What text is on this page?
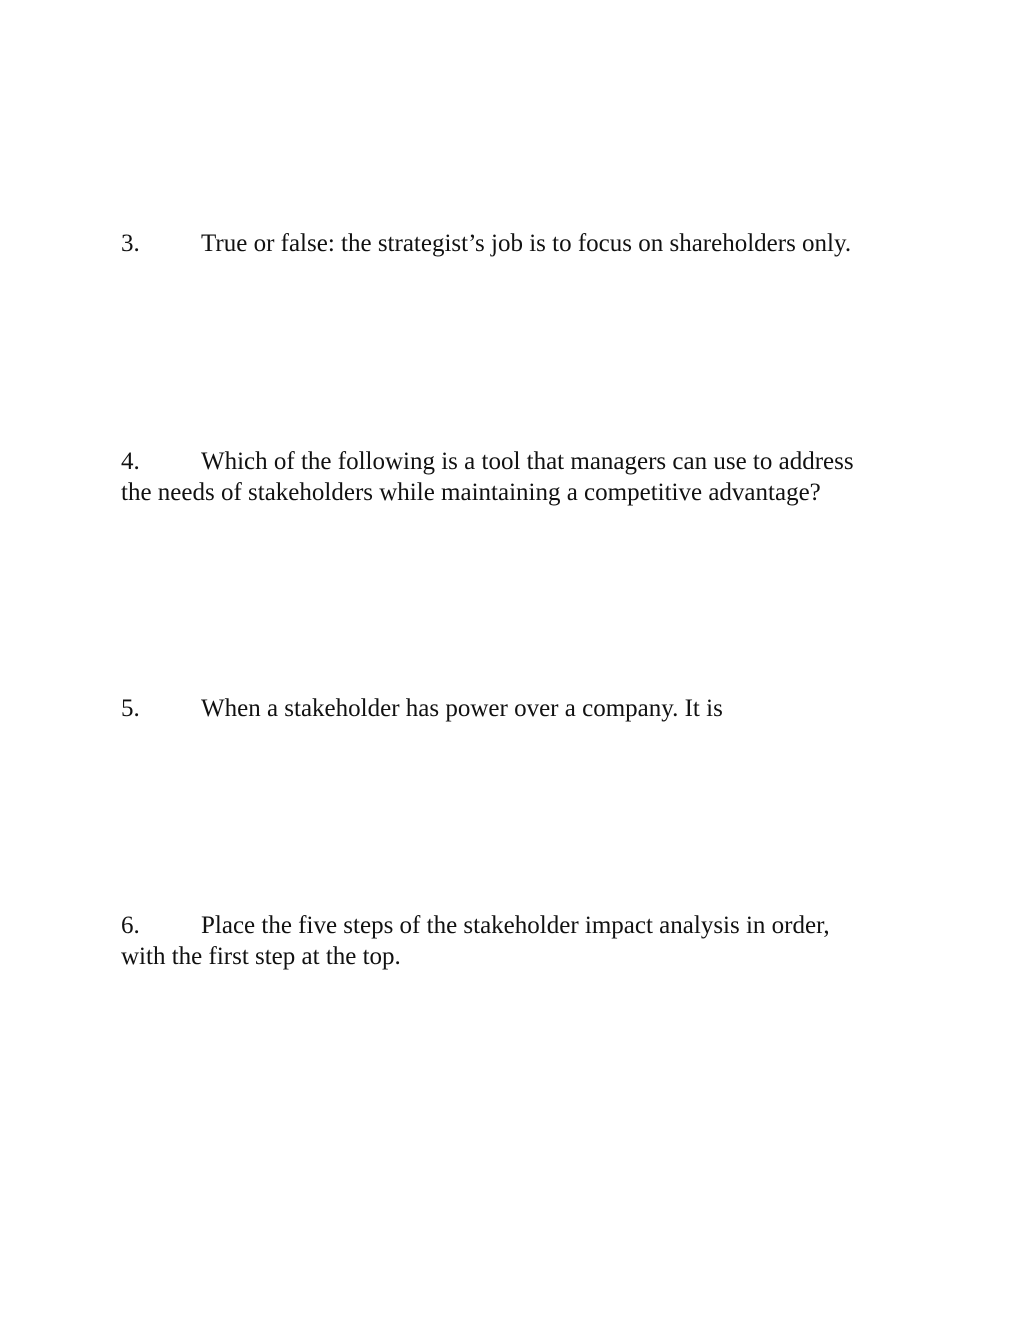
3. True or false: the strategist’s job is to focus on shareholders only.
4. Which of the following is a tool that managers can use to address
the needs of stakeholders while maintaining a competitive advantage?
5. When a stakeholder has power over a company. It is
6. Place the five steps of the stakeholder impact analysis in order,
with the first step at the top.
